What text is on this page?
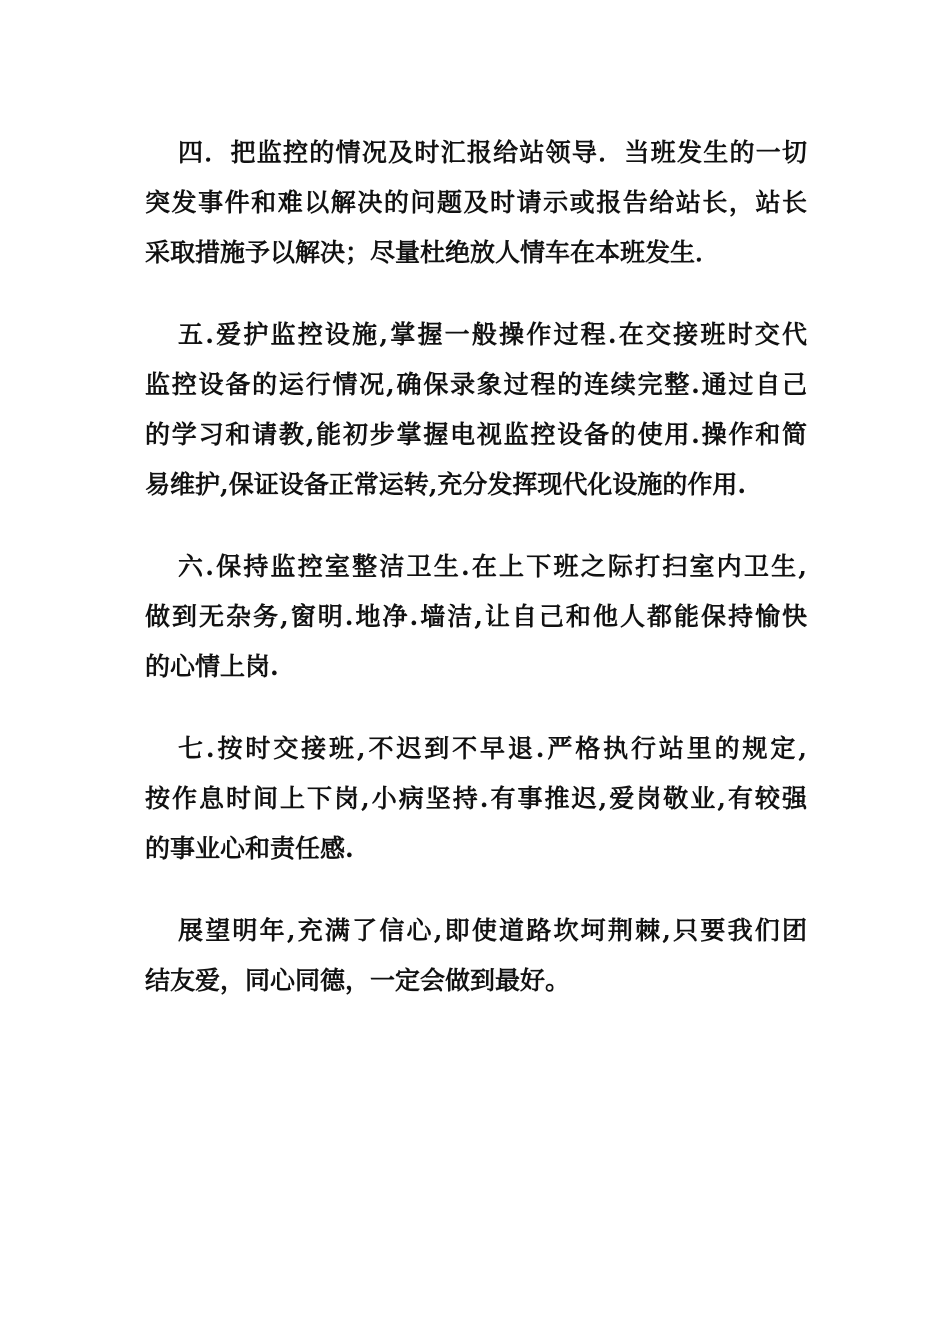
四．把监控的情况及时汇报给站领导．当班发生的一切
突发事件和难以解决的问题及时请示或报告给站长，站长
采取措施予以解决；尽量杜绝放人情车在本班发生．

五.爱护监控设施,掌握一般操作过程.在交接班时交代
监控设备的运行情况,确保录象过程的连续完整.通过自己
的学习和请教,能初步掌握电视监控设备的使用.操作和简
易维护,保证设备正常运转,充分发挥现代化设施的作用.

六.保持监控室整洁卫生.在上下班之际打扫室内卫生,
做到无杂务,窗明.地净.墙洁,让自己和他人都能保持愉快
的心情上岗.

七.按时交接班,不迟到不早退.严格执行站里的规定,
按作息时间上下岗,小病坚持.有事推迟,爱岗敬业,有较强
的事业心和责任感.

展望明年,充满了信心,即使道路坎坷荆棘,只要我们团
结友爱，同心同德，一定会做到最好。
